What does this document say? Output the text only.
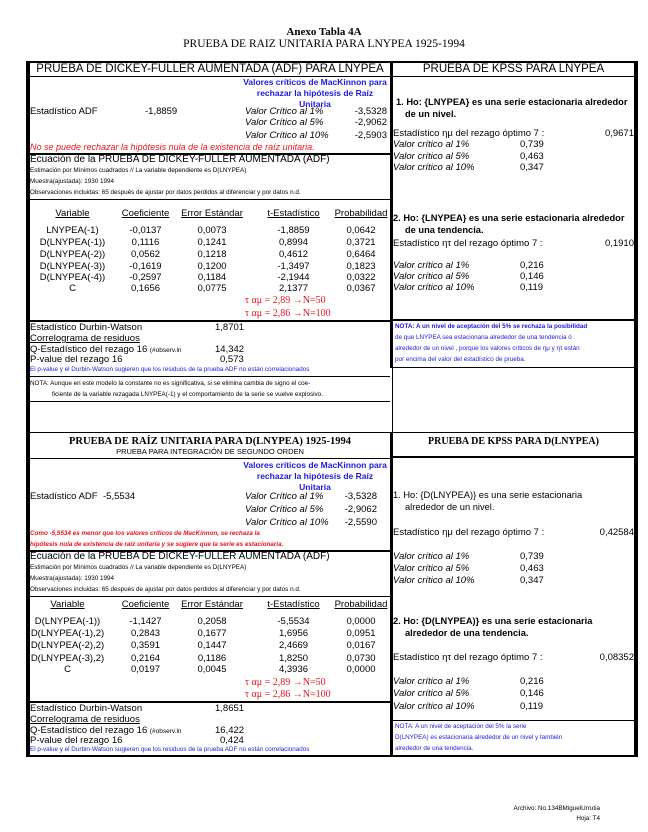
Anexo Tabla 4A
PRUEBA DE RAIZ UNITARIA PARA LNYPEA 1925-1994
PRUEBA DE DICKEY-FULLER AUMENTADA (ADF) PARA LNYPEA
Valores críticos de MacKinnon para
rechazar la hipótesis de Raíz
Unitaria
Estadístico ADF	-1,8859	Valor Crítico al 1%	-3,5328
Valor Crítico al 5%	-2,9062
Valor Crítico al 10%	-2,5903
No se puede rechazar la hipótesis nula de la existencia de raíz unitaria.
Ecuación de la PRUEBA DE DICKEY-FULLER AUMENTADA (ADF)
Estimación por Mínimos cuadrados // La variable dependiente es D(LNYPEA)
Muestra(ajustada): 1930 1994
Observaciones incluidas: 65 después de ajustar por datos perdidos al diferenciar y por datos n.d.
Variable	Coeficiente	Error Estándar	t-Estadístico	Probabilidad
LNYPEA(-1)	-0,0137	0,0073	-1,8859	0,0642
D(LNYPEA(-1))	0,1116	0,1241	0,8994	0,3721
D(LNYPEA(-2))	0,0562	0,1218	0,4612	0,6464
D(LNYPEA(-3))	-0,1619	0,1200	-1,3497	0,1823
D(LNYPEA(-4))	-0,2597	0,1184	-2,1944	0,0322
C	0,1656	0,0775	2,1377	0,0367
τ αμ = 2,89 →N=50
τ αμ = 2,86 →N=100
Estadístico Durbin-Watson	1,8701
Correlograma de residuos
Q-Estadístico del rezago 16 (#observ.ln	14,342
P-value del rezago 16	0,573
El p-value y el Durbin-Watson sugieren que los residuos de la prueba ADF no están correlacionados
NOTA: Aunque en este modelo la constante no es significativa, si se elimina cambia de signo el coe-
ficiente de la variable rezagada LNYPEA(-1) y el comportamiento de la serie se vuelve explosivo.
PRUEBA DE KPSS PARA LNYPEA
1. Ho: {LNYPEA} es una serie estacionaria alrededor
de un nivel.
Estadístico ημ del rezago óptimo 7 :	0,9671
Valor crítico al 1%	0,739
Valor crítico al 5%	0,463
Valor crítico al 10%	0,347
2. Ho: {LNYPEA} es una serie estacionaria alrededor
de una tendencia.
Estadístico ητ del rezago óptimo 7 :	0,1910
Valor crítico al 1%	0,216
Valor crítico al 5%	0,146
Valor crítico al 10%	0,119
NOTA: A un nivel de aceptación del 5% se rechaza la posibilidad
de que LNYPEA sea estacionaria alrededor de una tendencia ó
alrededor de un nivel , porque los valores críticos de ημ y ητ están
por encima del valor del estadístico de prueba.
PRUEBA DE RAÍZ UNITARIA PARA D(LNYPEA) 1925-1994
PRUEBA PARA INTEGRACIÓN DE SEGUNDO ORDEN
Valores críticos de MacKinnon para
rechazar la hipótesis de Raíz
Unitaria
Estadístico ADF -5,5534	Valor Crítico al 1%	-3,5328
Valor Crítico al 5%	-2,9062
Valor Crítico al 10%	-2,5590
Como -5,5534 es menor que los valores críticos de MacKinnon, se rechaza la
hipótesis nula de existencia de raíz unitaria y se sugiere que la serie es estacionaria.
Ecuación de la PRUEBA DE DICKEY-FULLER AUMENTADA (ADF)
Estimación por Mínimos cuadrados // La variable dependiente es D(LNYPEA)
Muestra(ajustada): 1930 1994
Observaciones incluidas: 65 después de ajustar por datos perdidos al diferenciar y por datos n.d.
Variable	Coeficiente	Error Estándar	t-Estadístico	Probabilidad
D(LNYPEA(-1))	-1,1427	0,2058	-5,5534	0,0000
D(LNYPEA(-1),2)	0,2843	0,1677	1,6956	0,0951
D(LNYPEA(-2),2)	0,3591	0,1447	2,4669	0,0167
D(LNYPEA(-3),2)	0,2164	0,1186	1,8250	0,0730
C	0,0197	0,0045	4,3936	0,0000
τ αμ = 2,89 →N=50
τ αμ = 2,86 →N=100
Estadístico Durbin-Watson	1,8651
Correlograma de residuos
Q-Estadístico del rezago 16 (#observ.ln	16,422
P-value del rezago 16	0,424
El p-value y el Durbin-Watson sugieren que los residuos de la prueba ADF no están correlacionados
PRUEBA DE KPSS PARA D(LNYPEA)
1. Ho: {D(LNYPEA)} es una serie estacionaria
alrededor de un nivel.
Estadístico ημ del rezago óptimo 7 :	0,42584
Valor crítico al 1%	0,739
Valor crítico al 5%	0,463
Valor crítico al 10%	0,347
2. Ho: {D(LNYPEA)} es una serie estacionaria
alrededor de una tendencia.
Estadístico ητ del rezago óptimo 7 :	0,08352
Valor crítico al 1%	0,216
Valor crítico al 5%	0,146
Valor crítico al 10%	0,119
NOTA: A un nivel de aceptación del 5% la serie
D(LNYPEA) es estacionaria alrededor de un nivel y también
alrededor de una tendencia.
Archivo: No.134BMiguelUrrutia
Hoja: T4
